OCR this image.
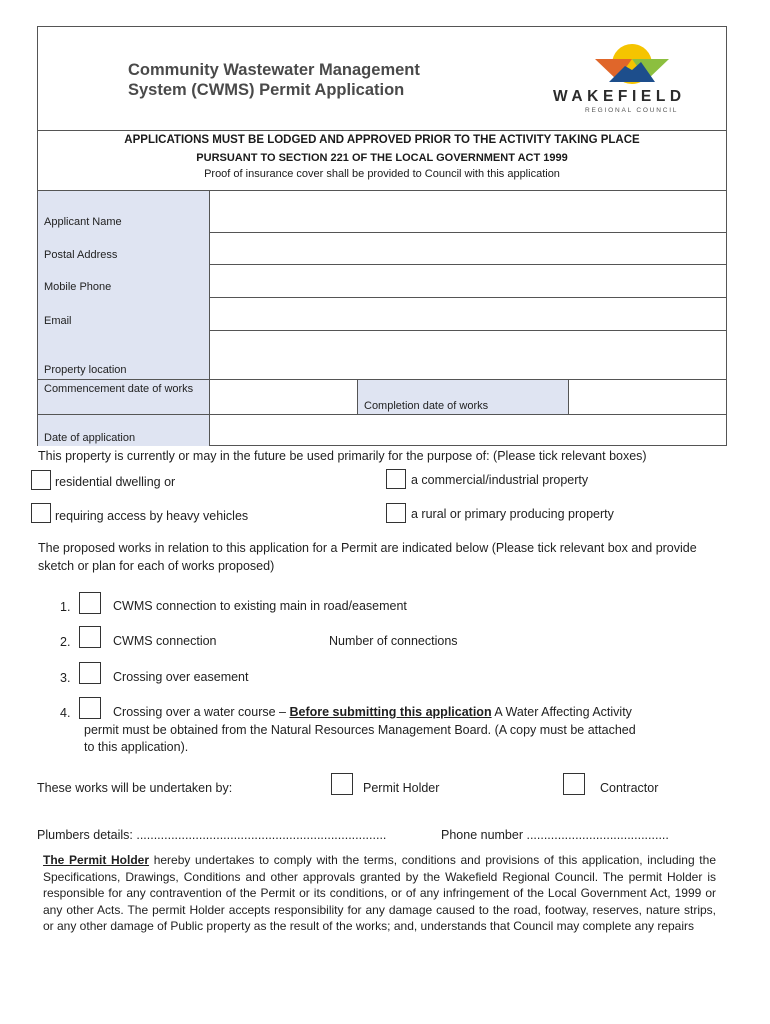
Community Wastewater Management
System (CWMS) Permit Application	WAKEFIELD
REGIONAL COUNCIL
APPLICATIONS MUST BE LODGED AND APPROVED PRIOR TO THE ACTIVITY TAKING PLACE
PURSUANT TO SECTION 221 OF THE LOCAL GOVERNMENT ACT 1999
Proof of insurance cover shall be provided to Council with this application
Applicant Name
Postal Address
Mobile Phone
Email
Property location
Commencement date of works
Completion date of works
Date of application
This property is currently or may in the future be used primarily for the purpose of: (Please tick relevant boxes)
residential dwelling or	a commercial/industrial property
requiring access by heavy vehicles	a rural or primary producing property
The proposed works in relation to this application for a Permit are indicated below (Please tick relevant box and provide sketch or plan for each of works proposed)
1.	CWMS connection to existing main in road/easement
2.	CWMS connection	Number of connections
3.	Crossing over easement
4.	Crossing over a water course – Before submitting this application A Water Affecting Activity
permit must be obtained from the Natural Resources Management Board. (A copy must be attached
to this application).
These works will be undertaken by:	Permit Holder	Contractor
Plumbers details: ........................................................................	Phone number .........................................
The Permit Holder hereby undertakes to comply with the terms, conditions and provisions of this application, including the Specifications, Drawings, Conditions and other approvals granted by the Wakefield Regional Council. The permit Holder is responsible for any contravention of the Permit or its conditions, or of any infringement of the Local Government Act, 1999 or any other Acts. The permit Holder accepts responsibility for any damage caused to the road, footway, reserves, nature strips, or any other damage of Public property as the result of the works; and, understands that Council may complete any repairs
